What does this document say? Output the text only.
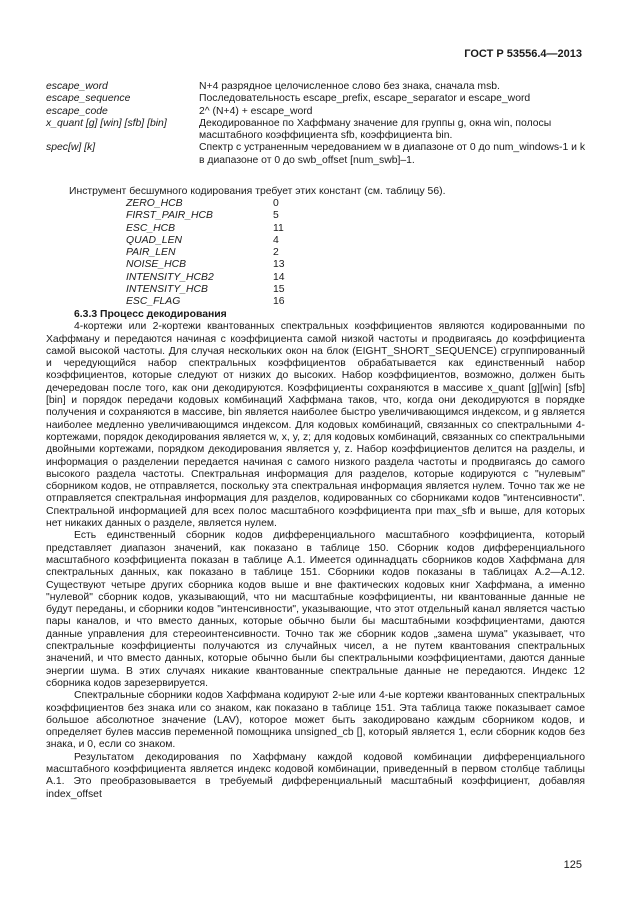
ГОСТ Р 53556.4—2013
escape_word	N+4 разрядное целочисленное слово без знака, сначала msb.
escape_sequence	Последовательность escape_prefix, escape_separator и escape_word
escape_code	2^ (N+4) + escape_word
x_quant [g] [win] [sfb] [bin]	Декодированное по Хаффману значение для группы g, окна win, полосы масштабного коэффициента sfb, коэффициента bin.
spec[w] [k]	Спектр с устраненным чередованием w в диапазоне от 0 до num_windows-1 и k в диапазоне от 0 до swb_offset [num_swb]–1.
Инструмент бесшумного кодирования требует этих констант (см. таблицу 56).
ZERO_HCB	0
FIRST_PAIR_HCB	5
ESC_HCB	11
QUAD_LEN	4
PAIR_LEN	2
NOISE_HCB	13
INTENSITY_HCB2	14
INTENSITY_HCB	15
ESC_FLAG	16
6.3.3 Процесс декодирования

4-кортежи или 2-кортежи квантованных спектральных коэффициентов являются кодированными по Хаффману и передаются начиная с коэффициента самой низкой частоты и продвигаясь до коэффициента самой высокой частоты. Для случая нескольких окон на блок (EIGHT_SHORT_SEQUENCE) сгруппированный и чередующийся набор спектральных коэффициентов обрабатывается как единственный набор коэффициентов, которые следуют от низких до высоких. Набор коэффициентов, возможно, должен быть дечередован после того, как они декодируются. Коэффициенты сохраняются в массиве x_quant [g][win] [sfb] [bin] и порядок передачи кодовых комбинаций Хаффмана таков, что, когда они декодируются в порядке получения и сохраняются в массиве, bin является наиболее быстро увеличивающимся индексом, и g является наиболее медленно увеличивающимся индексом. Для кодовых комбинаций, связанных со спектральными 4-кортежами, порядок декодирования является w, x, y, z; для кодовых комбинаций, связанных со спектральными двойными кортежами, порядком декодирования является y, z. Набор коэффициентов делится на разделы, и информация о разделении передается начиная с самого низкого раздела частоты и продвигаясь до самого высокого раздела частоты. Спектральная информация для разделов, которые кодируются с "нулевым" сборником кодов, не отправляется, поскольку эта спектральная информация является нулем. Точно так же не отправляется спектральная информация для разделов, кодированных со сборниками кодов "интенсивности". Спектральной информацией для всех полос масштабного коэффициента при max_sfb и выше, для которых нет никаких данных о разделе, является нулем.

Есть единственный сборник кодов дифференциального масштабного коэффициента, который представляет диапазон значений, как показано в таблице 150. Сборник кодов дифференциального масштабного коэффициента показан в таблице А.1. Имеется одиннадцать сборников кодов Хаффмана для спектральных данных, как показано в таблице 151. Сборники кодов показаны в таблицах А.2—А.12. Существуют четыре других сборника кодов выше и вне фактических кодовых книг Хаффмана, а именно "нулевой" сборник кодов, указывающий, что ни масштабные коэффициенты, ни квантованные данные не будут переданы, и сборники кодов "интенсивности", указывающие, что этот отдельный канал является частью пары каналов, и что вместо данных, которые обычно были бы масштабными коэффициентами, даются данные управления для стереоинтенсивности. Точно так же сборник кодов „замена шума" указывает, что спектральные коэффициенты получаются из случайных чисел, а не путем квантования спектральных значений, и что вместо данных, которые обычно были бы спектральными коэффициентами, даются данные энергии шума. В этих случаях никакие квантованные спектральные данные не передаются. Индекс 12 сборника кодов зарезервируется.

Спектральные сборники кодов Хаффмана кодируют 2-ые или 4-ые кортежи квантованных спектральных коэффициентов без знака или со знаком, как показано в таблице 151. Эта таблица также показывает самое большое абсолютное значение (LAV), которое может быть закодировано каждым сборником кодов, и определяет булев массив переменной помощника unsigned_cb [], который является 1, если сборник кодов без знака, и 0, если со знаком.

Результатом декодирования по Хаффману каждой кодовой комбинации дифференциального масштабного коэффициента является индекс кодовой комбинации, приведенный в первом столбце таблицы А.1. Это преобразовывается в требуемый дифференциальный масштабный коэффициент, добавляя index_offset

125
